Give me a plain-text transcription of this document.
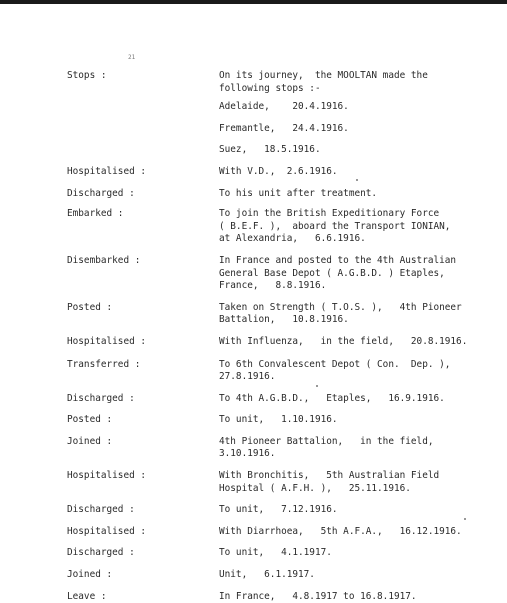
21
Stops :	On its journey,  the MOOLTAN made the
following stops :-
Adelaide,    20.4.1916.
Fremantle,   24.4.1916.
Suez,   18.5.1916.
Hospitalised :	With V.D.,  2.6.1916.
Discharged :	To his unit after treatment.
Embarked :	To join the British Expeditionary Force
( B.E.F. ),  aboard the Transport IONIAN,
at Alexandria,   6.6.1916.
Disembarked :	In France and posted to the 4th Australian
General Base Depot ( A.G.B.D. ) Etaples,
France,   8.8.1916.
Posted :	Taken on Strength ( T.O.S. ),   4th Pioneer
Battalion,   10.8.1916.
Hospitalised :	With Influenza,   in the field,   20.8.1916.
Transferred :	To 6th Convalescent Depot ( Con.  Dep. ),
27.8.1916.
Discharged :	To 4th A.G.B.D.,   Etaples,   16.9.1916.
Posted :	To unit,   1.10.1916.
Joined :	4th Pioneer Battalion,   in the field,
3.10.1916.
Hospitalised :	With Bronchitis,   5th Australian Field
Hospital ( A.F.H. ),   25.11.1916.
Discharged :	To unit,   7.12.1916.
Hospitalised :	With Diarrhoea,   5th A.F.A.,   16.12.1916.
Discharged :	To unit,   4.1.1917.
Joined :	Unit,   6.1.1917.
Leave :	In France,   4.8.1917 to 16.8.1917.
